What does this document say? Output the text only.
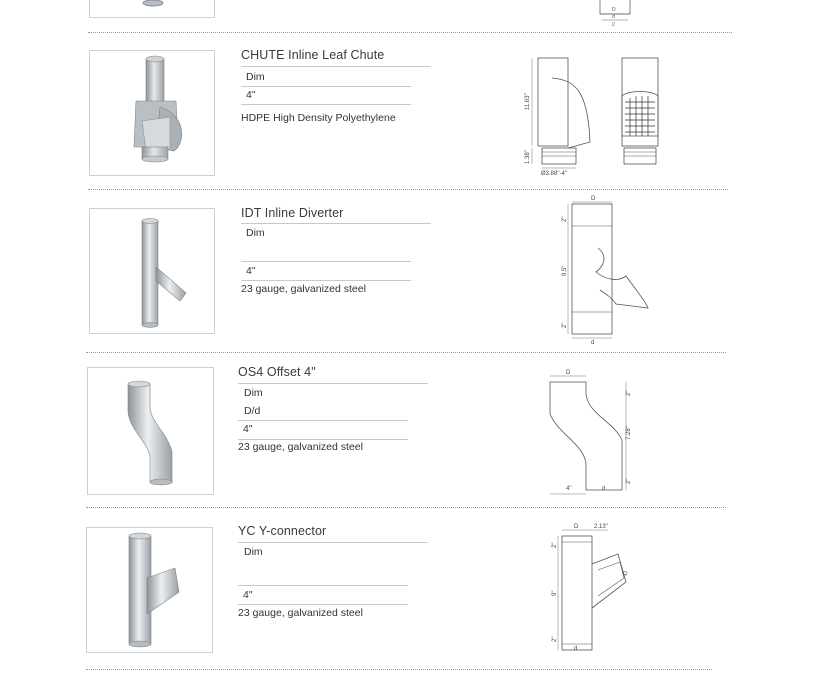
D
d
2
CHUTE Inline Leaf Chute
Dim
4"
HDPE High Density Polyethylene
11.63"
1.38"
Ø3.88"-4"
IDT Inline Diverter
Dim
4"
23 gauge, galvanized steel
D
2"
9.5"
2"
d
OS4 Offset 4"
Dim
D/d
4"
23 gauge, galvanized steel
D
2"
7.28"
2"
4"	d
YC Y-connector
Dim
4"
23 gauge, galvanized steel
D	2.13"
2"
9"
2"
d
D
